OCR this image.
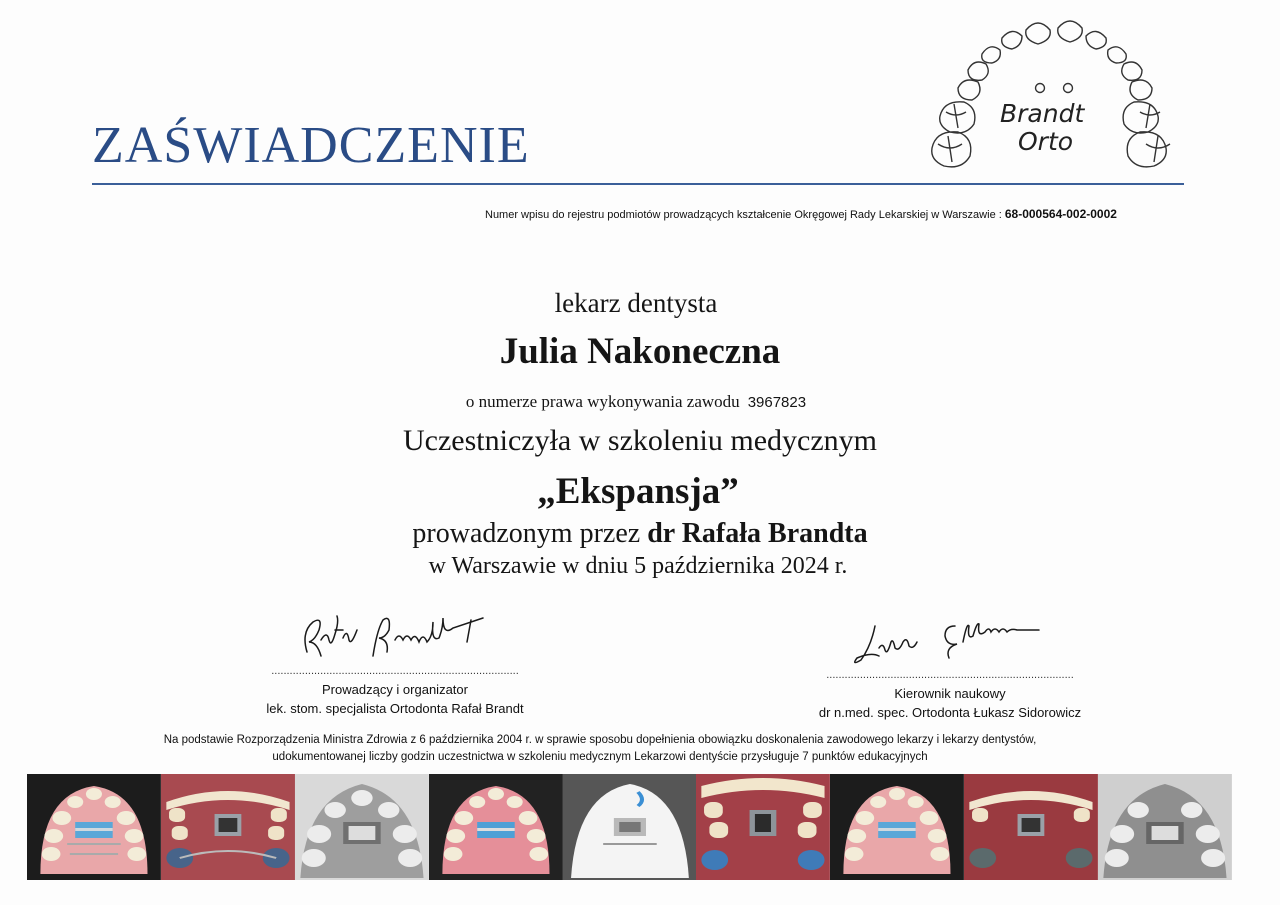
ZAŚWIADCZENIE
Brandt
Orto
Numer wpisu do rejestru podmiotów prowadzących kształcenie Okręgowej Rady Lekarskiej w Warszawie : 68-000564-002-0002
lekarz dentysta
Julia Nakoneczna
o numerze prawa wykonywania zawodu 3967823
Uczestniczyła w szkoleniu medycznym
„Ekspansja”
prowadzonym przez dr Rafała Brandta
w Warszawie w dniu 5 października 2024 r.
.................................................................................
Prowadzący i organizator
lek. stom. specjalista Ortodonta Rafał Brandt
.................................................................................
Kierownik naukowy
dr n.med. spec. Ortodonta Łukasz Sidorowicz
Na podstawie Rozporządzenia Ministra Zdrowia z 6 października 2004 r. w sprawie sposobu dopełnienia obowiązku doskonalenia zawodowego lekarzy i lekarzy dentystów,
udokumentowanej liczby godzin uczestnictwa w szkoleniu medycznym Lekarzowi dentyście przysługuje 7 punktów edukacyjnych
